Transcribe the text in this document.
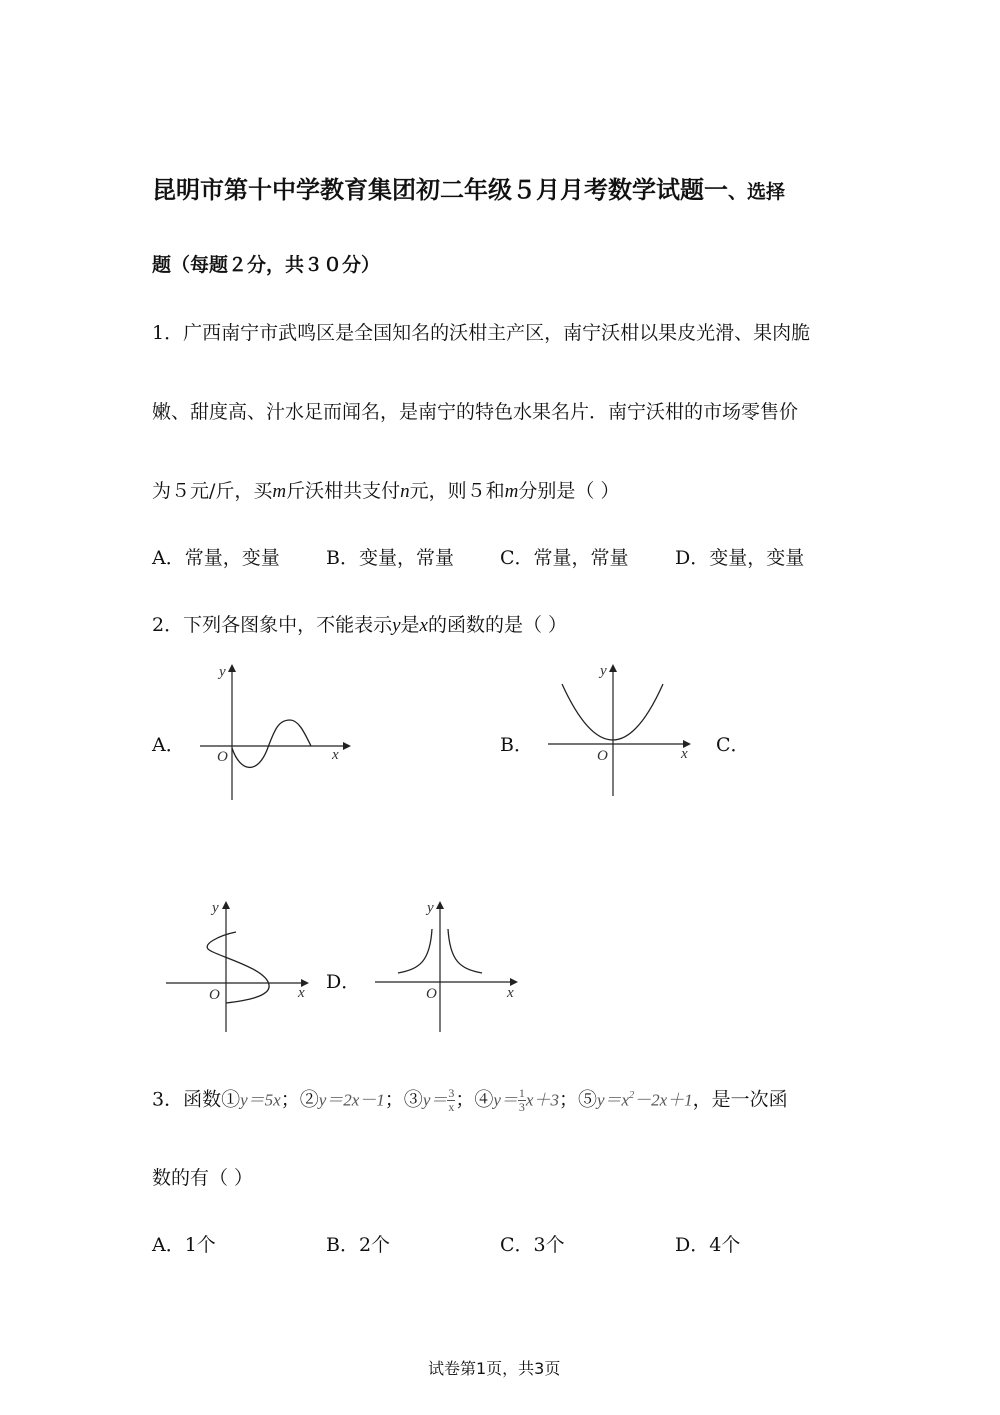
昆明市第十中学教育集团初二年级５月月考数学试题一、选择
题（每题２分，共３０分）
1．广西南宁市武鸣区是全国知名的沃柑主产区，南宁沃柑以果皮光滑、果肉脆
嫩、甜度高、汁水足而闻名，是南宁的特色水果名片．南宁沃柑的市场零售价
为５元/斤，买m斤沃柑共支付n元，则５和m分别是（ ）
A．常量，变量 B．变量，常量 C．常量，常量 D．变量，变量
2．下列各图象中，不能表示y是x的函数的是（ ）
A．	B．	C．
D．
y
O	x
y
O	x
y
O	x
y
O	x
3．函数①y＝5x；②y＝2x－1；③y＝ $\frac{3}{x}$ ；④y＝ $\frac{1}{3} x+3$；$⑤y=x^2-2x+1$，是一次函
数的有（ ）
A．1个	B．2个	C．3个	D．4个
试卷第1页，共3页
